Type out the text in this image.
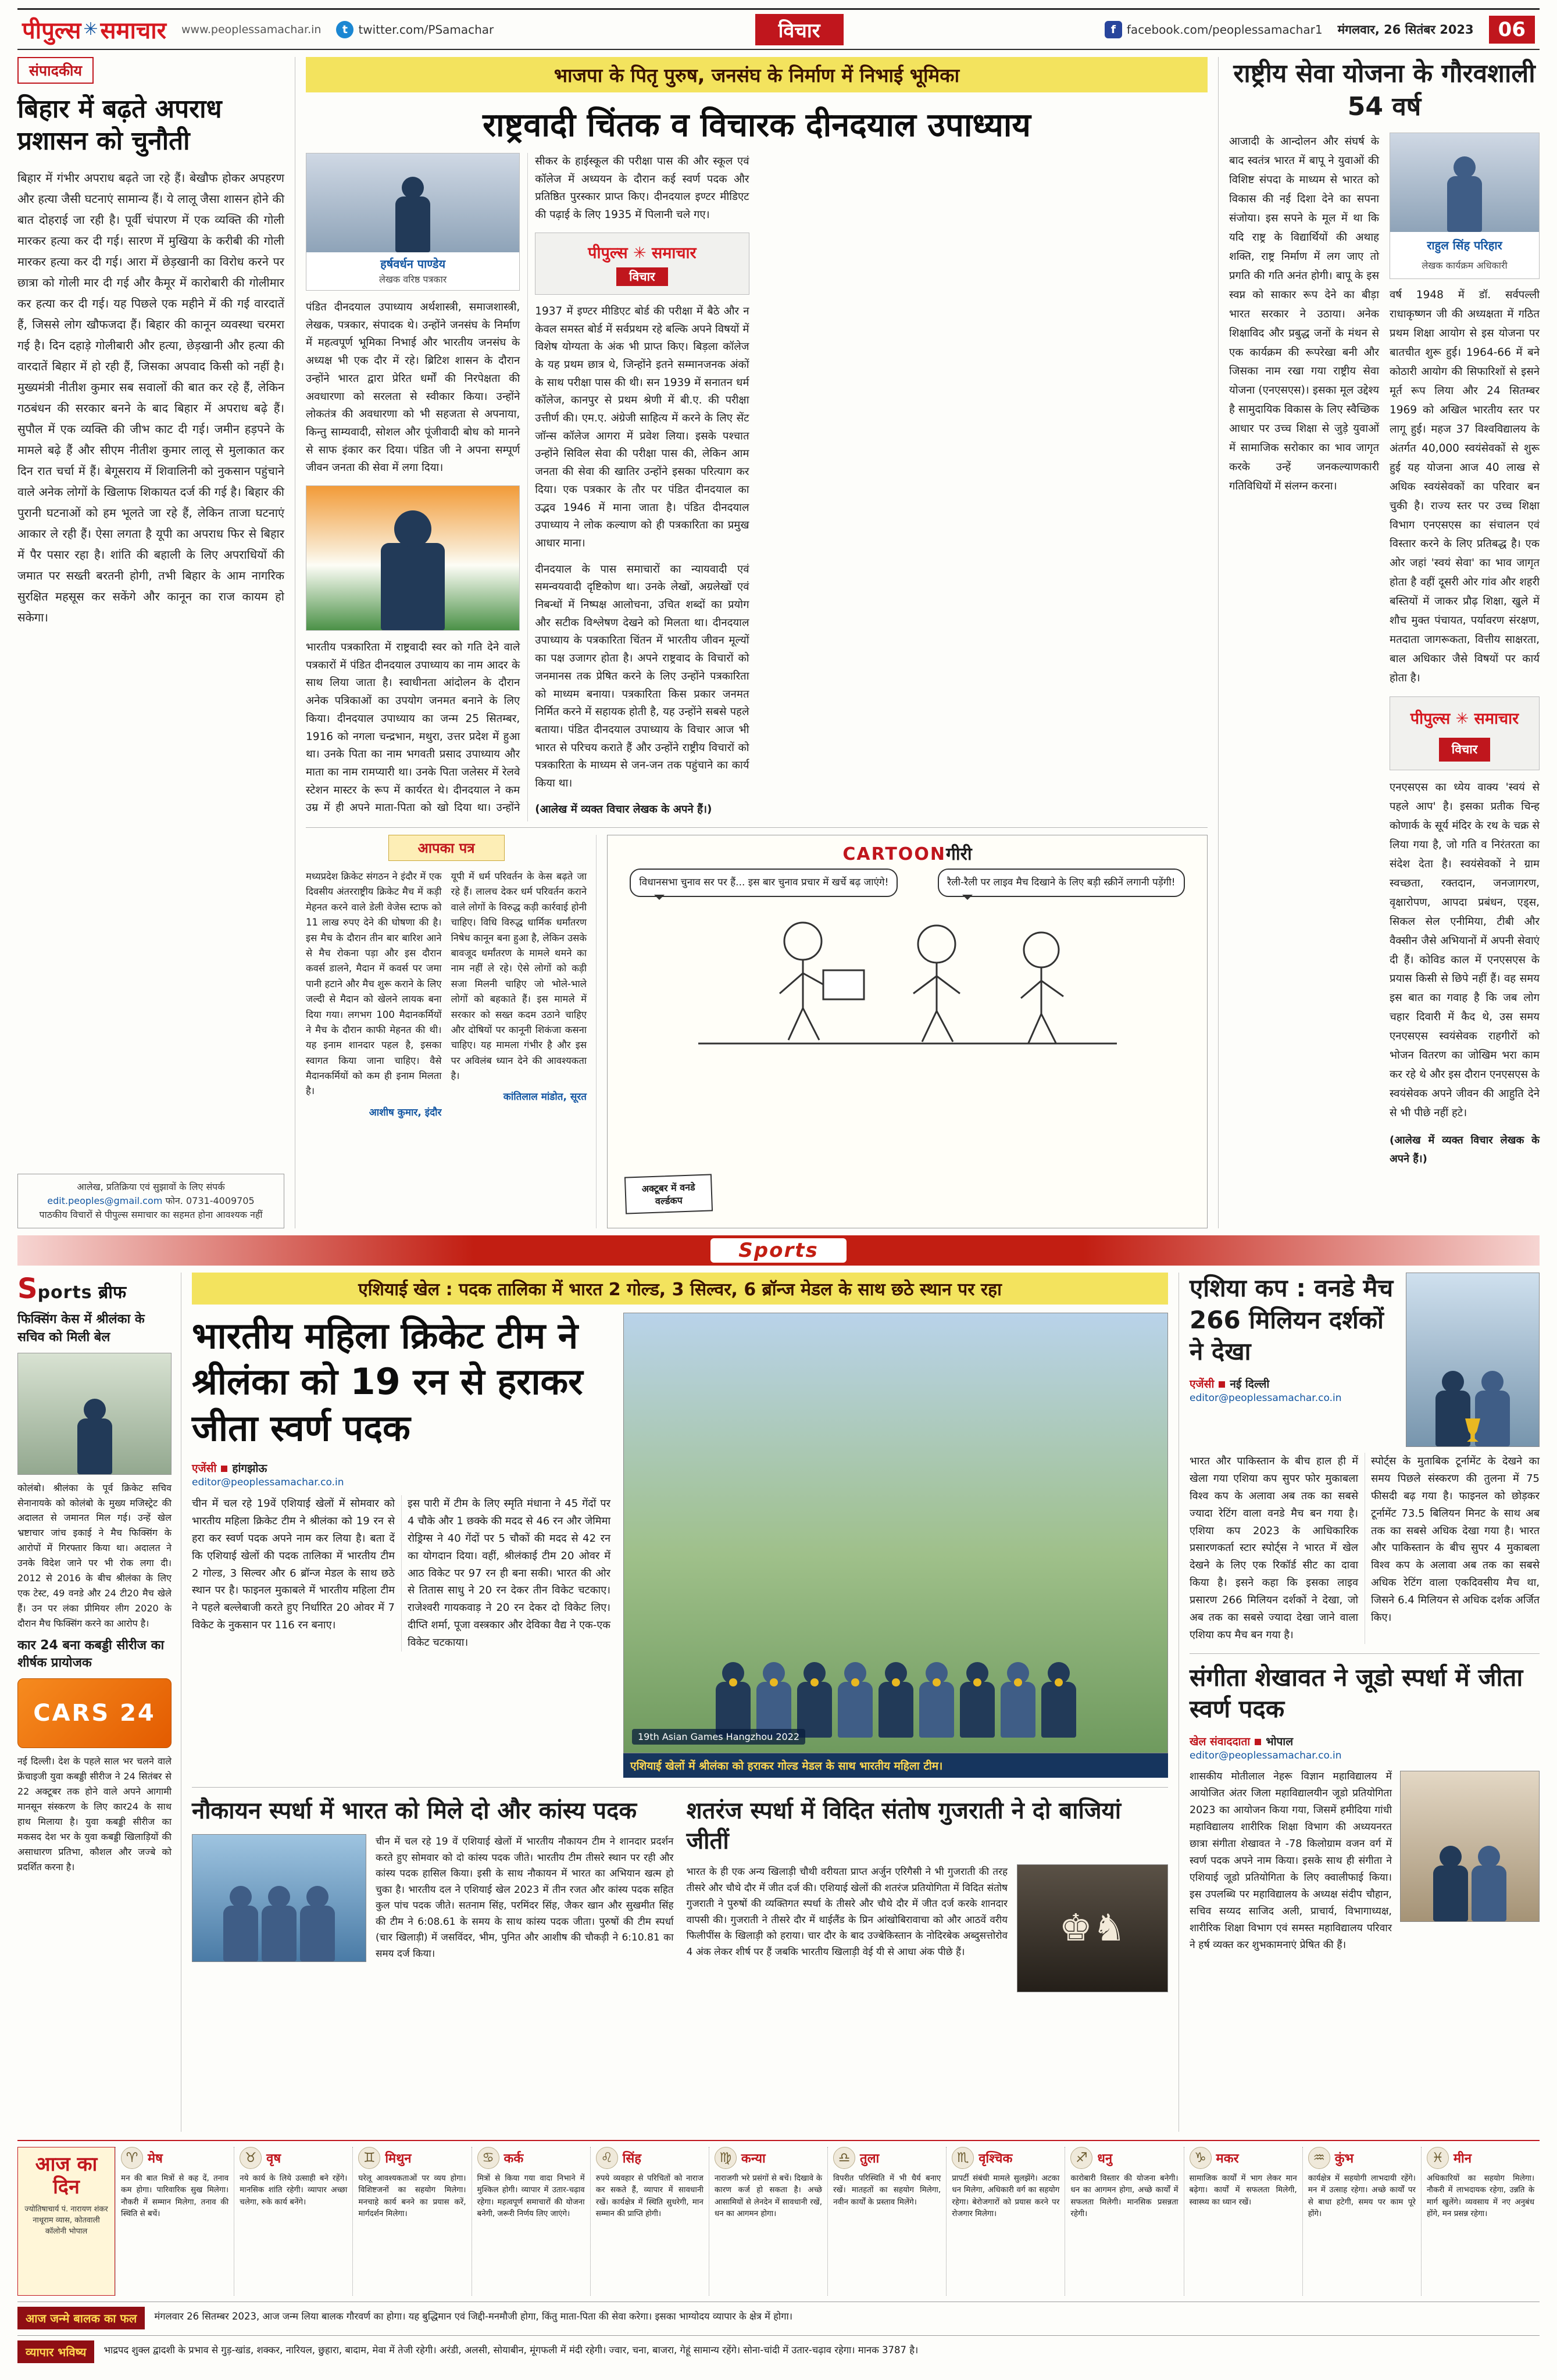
पीपुल्स ✳ समाचार www.peoplessamachar.in	t twitter.com/PSamachar	विचार	f facebook.com/peoplessamachar1 मंगलवार, 26 सितंबर 2023	06
संपादकीय
बिहार में बढ़ते अपराध प्रशासन को चुनौती
बिहार में गंभीर अपराध बढ़ते जा रहे हैं। बेखौफ होकर अपहरण और हत्या जैसी घटनाएं सामान्य हैं। ये लालू जैसा शासन होने की बात दोहराई जा रही है। पूर्वी चंपारण में एक व्यक्ति की गोली मारकर हत्या कर दी गई। सारण में मुखिया के करीबी की गोली मारकर हत्या कर दी गई। आरा में छेड़खानी का विरोध करने पर छात्रा को गोली मार दी गई और कैमूर में कारोबारी की गोलीमार कर हत्या कर दी गई। यह पिछले एक महीने में की गई वारदातें हैं, जिससे लोग खौफजदा हैं। बिहार की कानून व्यवस्था चरमरा गई है। दिन दहाड़े गोलीबारी और हत्या, छेड़खानी और हत्या की वारदातें बिहार में हो रही हैं, जिसका अपवाद किसी को नहीं है। मुख्यमंत्री नीतीश कुमार सब सवालों की बात कर रहे हैं, लेकिन गठबंधन की सरकार बनने के बाद बिहार में अपराध बढ़े हैं। सुपौल में एक व्यक्ति की जीभ काट दी गई। जमीन हड़पने के मामले बढ़े हैं और सीएम नीतीश कुमार लालू से मुलाकात कर दिन रात चर्चा में हैं। बेगूसराय में शिवालिनी को नुकसान पहुंचाने वाले अनेक लोगों के खिलाफ शिकायत दर्ज की गई है। बिहार की पुरानी घटनाओं को हम भूलते जा रहे हैं, लेकिन ताजा घटनाएं आकार ले रही हैं। ऐसा लगता है यूपी का अपराध फिर से बिहार में पैर पसार रहा है। शांति की बहाली के लिए अपराधियों की जमात पर सख्ती बरतनी होगी, तभी बिहार के आम नागरिक सुरक्षित महसूस कर सकेंगे और कानून का राज कायम हो सकेगा।
आलेख, प्रतिक्रिया एवं सुझावों के लिए संपर्क edit.peoples@gmail.com फोन. 0731-4009705
पाठकीय विचारों से पीपुल्स समाचार का सहमत होना आवश्यक नहीं
भाजपा के पितृ पुरुष, जनसंघ के निर्माण में निभाई भूमिका
राष्ट्रवादी चिंतक व विचारक दीनदयाल उपाध्याय
हर्षवर्धन पाण्डेय
लेखक वरिष्ठ पत्रकार

पंडित दीनदयाल उपाध्याय अर्थशास्त्री, समाजशास्त्री, लेखक, पत्रकार, संपादक थे। उन्होंने जनसंघ के निर्माण में महत्वपूर्ण भूमिका निभाई और भारतीय जनसंघ के अध्यक्ष भी एक दौर में रहे। ब्रिटिश शासन के दौरान उन्होंने भारत द्वारा प्रेरित धर्मों की निरपेक्षता की अवधारणा को सरलता से स्वीकार किया। उन्होंने लोकतंत्र की अवधारणा को भी सहजता से अपनाया, किन्तु साम्यवादी, सोशल और पूंजीवादी बोध को मानने से साफ इंकार कर दिया। पंडित जी ने अपना सम्पूर्ण जीवन जनता की सेवा में लगा दिया।

भारतीय पत्रकारिता में राष्ट्रवादी स्वर को गति देने वाले पत्रकारों में पंडित दीनदयाल उपाध्याय का नाम आदर के साथ लिया जाता है। स्वाधीनता आंदोलन के दौरान अनेक पत्रिकाओं का उपयोग जनमत बनाने के लिए किया। दीनदयाल उपाध्याय का जन्म 25 सितम्बर, 1916 को नगला चन्द्रभान, मथुरा, उत्तर प्रदेश में हुआ था। उनके पिता का नाम भगवती प्रसाद उपाध्याय और माता का नाम रामप्यारी था। उनके पिता जलेसर में रेलवे स्टेशन मास्टर के रूप में कार्यरत थे। दीनदयाल ने कम उम्र में ही अपने माता-पिता को खो दिया था। उन्होंने सीकर के हाईस्कूल की परीक्षा पास की और स्कूल एवं कॉलेज में अध्ययन के दौरान कई स्वर्ण पदक और प्रतिष्ठित पुरस्कार प्राप्त किए। दीनदयाल इण्टर मीडिएट की पढ़ाई के लिए 1935 में पिलानी चले गए।

पीपुल्स ✳ समाचार
विचार

1937 में इण्टर मीडिएट बोर्ड की परीक्षा में बैठे और न केवल समस्त बोर्ड में सर्वप्रथम रहे बल्कि अपने विषयों में विशेष योग्यता के अंक भी प्राप्त किए। बिड़ला कॉलेज के यह प्रथम छात्र थे, जिन्होंने इतने सम्मानजनक अंकों के साथ परीक्षा पास की थी। सन 1939 में सनातन धर्म कॉलेज, कानपुर से प्रथम श्रेणी में बी.ए. की परीक्षा उत्तीर्ण की। एम.ए. अंग्रेजी साहित्य में करने के लिए सेंट जॉन्स कॉलेज आगरा में प्रवेश लिया। इसके पश्चात उन्होंने सिविल सेवा की परीक्षा पास की, लेकिन आम जनता की सेवा की खातिर उन्होंने इसका परित्याग कर दिया। एक पत्रकार के तौर पर पंडित दीनदयाल का उद्भव 1946 में माना जाता है। पंडित दीनदयाल उपाध्याय ने लोक कल्याण को ही पत्रकारिता का प्रमुख आधार माना।

दीनदयाल के पास समाचारों का न्यायवादी एवं समन्वयवादी दृष्टिकोण था। उनके लेखों, अग्रलेखों एवं निबन्धों में निष्पक्ष आलोचना, उचित शब्दों का प्रयोग और सटीक विश्लेषण देखने को मिलता था। दीनदयाल उपाध्याय के पत्रकारिता चिंतन में भारतीय जीवन मूल्यों का पक्ष उजागर होता है। अपने राष्ट्रवाद के विचारों को जनमानस तक प्रेषित करने के लिए उन्होंने पत्रकारिता को माध्यम बनाया। पत्रकारिता किस प्रकार जनमत निर्मित करने में सहायक होती है, यह उन्होंने सबसे पहले बताया। पंडित दीनदयाल उपाध्याय के विचार आज भी भारत से परिचय कराते हैं और उन्होंने राष्ट्रीय विचारों को पत्रकारिता के माध्यम से जन-जन तक पहुंचाने का कार्य किया था।

(आलेख में व्यक्त विचार लेखक के अपने हैं।)

आपका पत्र
मध्यप्रदेश क्रिकेट संगठन ने इंदौर में एक दिवसीय अंतरराष्ट्रीय क्रिकेट मैच में कड़ी मेहनत करने वाले डेली वेजेस स्टाफ को 11 लाख रुपए देने की घोषणा की है। इस मैच के दौरान तीन बार बारिश आने से मैच रोकना पड़ा और इस दौरान कवर्स डालने, मैदान में कवर्स पर जमा पानी हटाने और मैच शुरू कराने के लिए जल्दी से मैदान को खेलने लायक बना दिया गया। लगभग 100 मैदानकर्मियों ने मैच के दौरान काफी मेहनत की थी। यह इनाम शानदार पहल है, इसका स्वागत किया जाना चाहिए। वैसे मैदानकर्मियों को कम ही इनाम मिलता है।
आशीष कुमार, इंदौर
यूपी में धर्म परिवर्तन के केस बढ़ते जा रहे हैं। लालच देकर धर्म परिवर्तन कराने वाले लोगों के विरुद्ध कड़ी कार्रवाई होनी चाहिए। विधि विरुद्ध धार्मिक धर्मांतरण निषेध कानून बना हुआ है, लेकिन उसके बावजूद धर्मांतरण के मामले थमने का नाम नहीं ले रहे। ऐसे लोगों को कड़ी सजा मिलनी चाहिए जो भोले-भाले लोगों को बहकाते हैं। इस मामले में सरकार को सख्त कदम उठाने चाहिए और दोषियों पर कानूनी शिकंजा कसना चाहिए। यह मामला गंभीर है और इस पर अविलंब ध्यान देने की आवश्यकता है।
कांतिलाल मांडोत, सूरत
CARTOONगीरी
विधानसभा चुनाव सर पर हैं... इस बार चुनाव प्रचार में खर्चे बढ़ जाएंगे!	रैली-रैली पर लाइव मैच दिखाने के लिए बड़ी स्क्रीनें लगानी पड़ेंगी!
अक्टूबर में वनडे वर्ल्डकप
राष्ट्रीय सेवा योजना के गौरवशाली 54 वर्ष

आजादी के आन्दोलन और संघर्ष के बाद स्वतंत्र भारत में बापू ने युवाओं की विशिष्ट संपदा के माध्यम से भारत को विकास की नई दिशा देने का सपना संजोया। इस सपने के मूल में था कि यदि राष्ट्र के विद्यार्थियों की अथाह शक्ति, राष्ट्र निर्माण में लग जाए तो प्रगति की गति अनंत होगी। बापू के इस स्वप्न को साकार रूप देने का बीड़ा भारत सरकार ने उठाया। अनेक शिक्षाविद और प्रबुद्ध जनों के मंथन से एक कार्यक्रम की रूपरेखा बनी और जिसका नाम रखा गया राष्ट्रीय सेवा योजना (एनएसएस)। इसका मूल उद्देश्य है सामुदायिक विकास के लिए स्वैच्छिक आधार पर उच्च शिक्षा से जुड़े युवाओं में सामाजिक सरोकार का भाव जागृत करके उन्हें जनकल्याणकारी गतिविधियों में संलग्न करना।

राहुल सिंह परिहार
लेखक कार्यक्रम अधिकारी

वर्ष 1948 में डॉ. सर्वपल्ली राधाकृष्णन जी की अध्यक्षता में गठित प्रथम शिक्षा आयोग से इस योजना पर बातचीत शुरू हुई। 1964-66 में बने कोठारी आयोग की सिफारिशों से इसने मूर्त रूप लिया और 24 सितम्बर 1969 को अखिल भारतीय स्तर पर लागू हुई। महज 37 विश्वविद्यालय के अंतर्गत 40,000 स्वयंसेवकों से शुरू हुई यह योजना आज 40 लाख से अधिक स्वयंसेवकों का परिवार बन चुकी है। राज्य स्तर पर उच्च शिक्षा विभाग एनएसएस का संचालन एवं विस्तार करने के लिए प्रतिबद्ध है। एक ओर जहां 'स्वयं सेवा' का भाव जागृत होता है वहीं दूसरी ओर गांव और शहरी बस्तियों में जाकर प्रौढ़ शिक्षा, खुले में शौच मुक्त पंचायत, पर्यावरण संरक्षण, मतदाता जागरूकता, वित्तीय साक्षरता, बाल अधिकार जैसे विषयों पर कार्य होता है।

पीपुल्स ✳ समाचार
विचार

एनएसएस का ध्येय वाक्य 'स्वयं से पहले आप' है। इसका प्रतीक चिन्ह कोणार्क के सूर्य मंदिर के रथ के चक्र से लिया गया है, जो गति व निरंतरता का संदेश देता है। स्वयंसेवकों ने ग्राम स्वच्छता, रक्तदान, जनजागरण, वृक्षारोपण, आपदा प्रबंधन, एड्स, सिकल सेल एनीमिया, टीबी और वैक्सीन जैसे अभियानों में अपनी सेवाएं दी हैं। कोविड काल में एनएसएस के प्रयास किसी से छिपे नहीं हैं। वह समय इस बात का गवाह है कि जब लोग चहार दिवारी में कैद थे, उस समय एनएसएस स्वयंसेवक राहगीरों को भोजन वितरण का जोखिम भरा काम कर रहे थे और इस दौरान एनएसएस के स्वयंसेवक अपने जीवन की आहुति देने से भी पीछे नहीं हटे।

(आलेख में व्यक्त विचार लेखक के अपने हैं।)

Sports
Sports ब्रीफ
फिक्सिंग केस में श्रीलंका के सचिव को मिली बेल

कोलंबो। श्रीलंका के पूर्व क्रिकेट सचिव सेनानायके को कोलंबो के मुख्य मजिस्ट्रेट की अदालत से जमानत मिल गई। उन्हें खेल भ्रष्टाचार जांच इकाई ने मैच फिक्सिंग के आरोपों में गिरफ्तार किया था। अदालत ने उनके विदेश जाने पर भी रोक लगा दी। 2012 से 2016 के बीच श्रीलंका के लिए एक टेस्ट, 49 वनडे और 24 टी20 मैच खेले हैं। उन पर लंका प्रीमियर लीग 2020 के दौरान मैच फिक्सिंग करने का आरोप है।

कार 24 बना कबड्डी सीरीज का शीर्षक प्रायोजक
CARS 24

नई दिल्ली। देश के पहले साल भर चलने वाले फ्रेंचाइजी युवा कबड्डी सीरीज ने 24 सितंबर से 22 अक्टूबर तक होने वाले अपने आगामी मानसून संस्करण के लिए कार24 के साथ हाथ मिलाया है। युवा कबड्डी सीरीज का मकसद देश भर के युवा कबड्डी खिलाड़ियों की असाधारण प्रतिभा, कौशल और जज्बे को प्रदर्शित करना है।

एशियाई खेल : पदक तालिका में भारत 2 गोल्ड, 3 सिल्वर, 6 ब्रॉन्ज मेडल के साथ छठे स्थान पर रहा
भारतीय महिला क्रिकेट टीम ने श्रीलंका को 19 रन से हराकर जीता स्वर्ण पदक
एजेंसी हांगझोऊ
editor@peoplessamachar.co.in

चीन में चल रहे 19वें एशियाई खेलों में सोमवार को भारतीय महिला क्रिकेट टीम ने श्रीलंका को 19 रन से हरा कर स्वर्ण पदक अपने नाम कर लिया है। बता दें कि एशियाई खेलों की पदक तालिका में भारतीय टीम 2 गोल्ड, 3 सिल्वर और 6 ब्रॉन्ज मेडल के साथ छठे स्थान पर है। फाइनल मुकाबले में भारतीय महिला टीम ने पहले बल्लेबाजी करते हुए निर्धारित 20 ओवर में 7 विकेट के नुकसान पर 116 रन बनाए।

इस पारी में टीम के लिए स्मृति मंधाना ने 45 गेंदों पर 4 चौके और 1 छक्के की मदद से 46 रन और जेमिमा रोड्रिग्स ने 40 गेंदों पर 5 चौकों की मदद से 42 रन का योगदान दिया। वहीं, श्रीलंकाई टीम 20 ओवर में आठ विकेट पर 97 रन ही बना सकी। भारत की ओर से तितास साधु ने 20 रन देकर तीन विकेट चटकाए। राजेश्वरी गायकवाड़ ने 20 रन देकर दो विकेट लिए। दीप्ति शर्मा, पूजा वस्त्रकार और देविका वैद्य ने एक-एक विकेट चटकाया।

19th Asian Games Hangzhou 2022
एशियाई खेलों में श्रीलंका को हराकर गोल्ड मेडल के साथ भारतीय महिला टीम।
नौकायन स्पर्धा में भारत को मिले दो और कांस्य पदक

चीन में चल रहे 19 वें एशियाई खेलों में भारतीय नौकायन टीम ने शानदार प्रदर्शन करते हुए सोमवार को दो कांस्य पदक जीते। भारतीय टीम तीसरे स्थान पर रही और कांस्य पदक हासिल किया। इसी के साथ नौकायन में भारत का अभियान खत्म हो चुका है। भारतीय दल ने एशियाई खेल 2023 में तीन रजत और कांस्य पदक सहित कुल पांच पदक जीते। सतनाम सिंह, परमिंदर सिंह, जैकर खान और सुखमीत सिंह की टीम ने 6:08.61 के समय के साथ कांस्य पदक जीता। पुरुषों की टीम स्पर्धा (चार खिलाड़ी) में जसविंदर, भीम, पुनित और आशीष की चौकड़ी ने 6:10.81 का समय दर्ज किया।

शतरंज स्पर्धा में विदित संतोष गुजराती ने दो बाजियां जीतीं

भारत के ही एक अन्य खिलाड़ी चौथी वरीयता प्राप्त अर्जुन एरिगैसी ने भी गुजराती की तरह तीसरे और चौथे दौर में जीत दर्ज की। एशियाई खेलों की शतरंज प्रतियोगिता में विदित संतोष गुजराती ने पुरुषों की व्यक्तिगत स्पर्धा के तीसरे और चौथे दौर में जीत दर्ज करके शानदार वापसी की। गुजराती ने तीसरे दौर में थाईलैंड के प्रिन आंखोबिरावाचा को और आठवें वरीय फिलीपींस के खिलाड़ी को हराया। चार दौर के बाद उज्बेकिस्तान के नोदिरबेक अब्दुसत्तोरोव 4 अंक लेकर शीर्ष पर हैं जबकि भारतीय खिलाड़ी वेई यी से आधा अंक पीछे हैं।

♚♞
एशिया कप : वनडे मैच 266 मिलियन दर्शकों ने देखा
एजेंसी नई दिल्ली
editor@peoplessamachar.co.in

भारत और पाकिस्तान के बीच हाल ही में खेला गया एशिया कप सुपर फोर मुकाबला विश्व कप के अलावा अब तक का सबसे ज्यादा रेटिंग वाला वनडे मैच बन गया है। एशिया कप 2023 के आधिकारिक प्रसारणकर्ता स्टार स्पोर्ट्स ने भारत में खेल देखने के लिए एक रिकॉर्ड सीट का दावा किया है। इसने कहा कि इसका लाइव प्रसारण 266 मिलियन दर्शकों ने देखा, जो अब तक का सबसे ज्यादा देखा जाने वाला एशिया कप मैच बन गया है।

स्पोर्ट्स के मुताबिक टूर्नामेंट के देखने का समय पिछले संस्करण की तुलना में 75 फीसदी बढ़ गया है। फाइनल को छोड़कर टूर्नामेंट 73.5 बिलियन मिनट के साथ अब तक का सबसे अधिक देखा गया है। भारत और पाकिस्तान के बीच सुपर 4 मुकाबला विश्व कप के अलावा अब तक का सबसे अधिक रेटिंग वाला एकदिवसीय मैच था, जिसने 6.4 मिलियन से अधिक दर्शक अर्जित किए।

संगीता शेखावत ने जूडो स्पर्धा में जीता स्वर्ण पदक
खेल संवाददाता भोपाल
editor@peoplessamachar.co.in
शासकीय मोतीलाल नेहरू विज्ञान महाविद्यालय में आयोजित अंतर जिला महाविद्यालयीन जूडो प्रतियोगिता 2023 का आयोजन किया गया, जिसमें हमीदिया गांधी महाविद्यालय शारीरिक शिक्षा विभाग की अध्ययनरत छात्रा संगीता शेखावत ने -78 किलोग्राम वजन वर्ग में स्वर्ण पदक अपने नाम किया। इसके साथ ही संगीता ने एशियाई जूडो प्रतियोगिता के लिए क्वालीफाई किया। इस उपलब्धि पर महाविद्यालय के अध्यक्ष संदीप चौहान, सचिव सय्यद साजिद अली, प्राचार्य, विभागाध्यक्ष, शारीरिक शिक्षा विभाग एवं समस्त महाविद्यालय परिवार ने हर्ष व्यक्त कर शुभकामनाएं प्रेषित की हैं।
आज का दिन
ज्योतिषाचार्य पं. नारायण शंकर नाथूराम व्यास, कोतवाली कॉलोनी भोपाल
♈ मेष
मन की बात मित्रों से कह दें, तनाव कम होगा। पारिवारिक सुख मिलेगा। नौकरी में सम्मान मिलेगा, तनाव की स्थिति से बचें।
♉ वृष
नये कार्य के लिये उत्साही बने रहेंगे। मानसिक शांति रहेगी। व्यापार अच्छा चलेगा, रुके कार्य बनेंगे।
♊ मिथुन
घरेलू आवश्यकताओं पर व्यय होगा। विशिष्टजनों का सहयोग मिलेगा। मनचाहे कार्य बनने का प्रयास करें, मार्गदर्शन मिलेगा।
♋ कर्क
मित्रों से किया गया वादा निभाने में मुश्किल होगी। व्यापार में उतार-चढ़ाव रहेगा। महत्वपूर्ण समाचारों की योजना बनेगी, जरूरी निर्णय लिए जाएंगे।
♌ सिंह
रुपये व्यवहार से परिचितों को नाराज कर सकते हैं, व्यापार में सावधानी रखें। कार्यक्षेत्र में स्थिति सुधरेगी, मान सम्मान की प्राप्ति होगी।
♍ कन्या
नाराजगी भरे प्रसंगों से बचें। दिखावे के कारण कर्ज हो सकता है। अच्छे आसामियों से लेनदेन में सावधानी रखें, धन का आगमन होगा।
♎ तुला
विपरीत परिस्थिति में भी धैर्य बनाए रखें। मातहतों का सहयोग मिलेगा, नवीन कार्यों के प्रस्ताव मिलेंगे।
♏ वृश्चिक
प्रापर्टी संबंधी मामले सुलझेंगे। अटका धन मिलेगा, अधिकारी वर्ग का सहयोग रहेगा। बेरोजगारों को प्रयास करने पर रोजगार मिलेगा।
♐ धनु
कारोबारी विस्तार की योजना बनेगी। धन का आगमन होगा, अच्छे कार्यों में सफलता मिलेगी। मानसिक प्रसन्नता रहेगी।
♑ मकर
सामाजिक कार्यों में भाग लेकर मान बढ़ेगा। कार्यों में सफलता मिलेगी, स्वास्थ्य का ध्यान रखें।
♒ कुंभ
कार्यक्षेत्र में सहयोगी लाभदायी रहेंगे। मन में उत्साह रहेगा। अच्छे कार्यों पर से बाधा हटेगी, समय पर काम पूरे होंगे।
♓ मीन
अधिकारियों का सहयोग मिलेगा। नौकरी में लाभदायक रहेगा, उन्नति के मार्ग खुलेंगे। व्यवसाय में नए अनुबंध होंगे, मन प्रसन्न रहेगा।
आज जन्मे बालक का फल	मंगलवार 26 सितम्बर 2023, आज जन्म लिया बालक गौरवर्ण का होगा। यह बुद्धिमान एवं जिद्दी-मनमौजी होगा, किंतु माता-पिता की सेवा करेगा। इसका भाग्योदय व्यापार के क्षेत्र में होगा।
व्यापार भविष्य	भाद्रपद शुक्ल द्वादशी के प्रभाव से गुड़-खांड, शक्कर, नारियल, छुहारा, बादाम, मेवा में तेजी रहेगी। अरंडी, अलसी, सोयाबीन, मूंगफली में मंदी रहेगी। ज्वार, चना, बाजरा, गेहूं सामान्य रहेंगे। सोना-चांदी में उतार-चढ़ाव रहेगा। मानक 3787 है।
